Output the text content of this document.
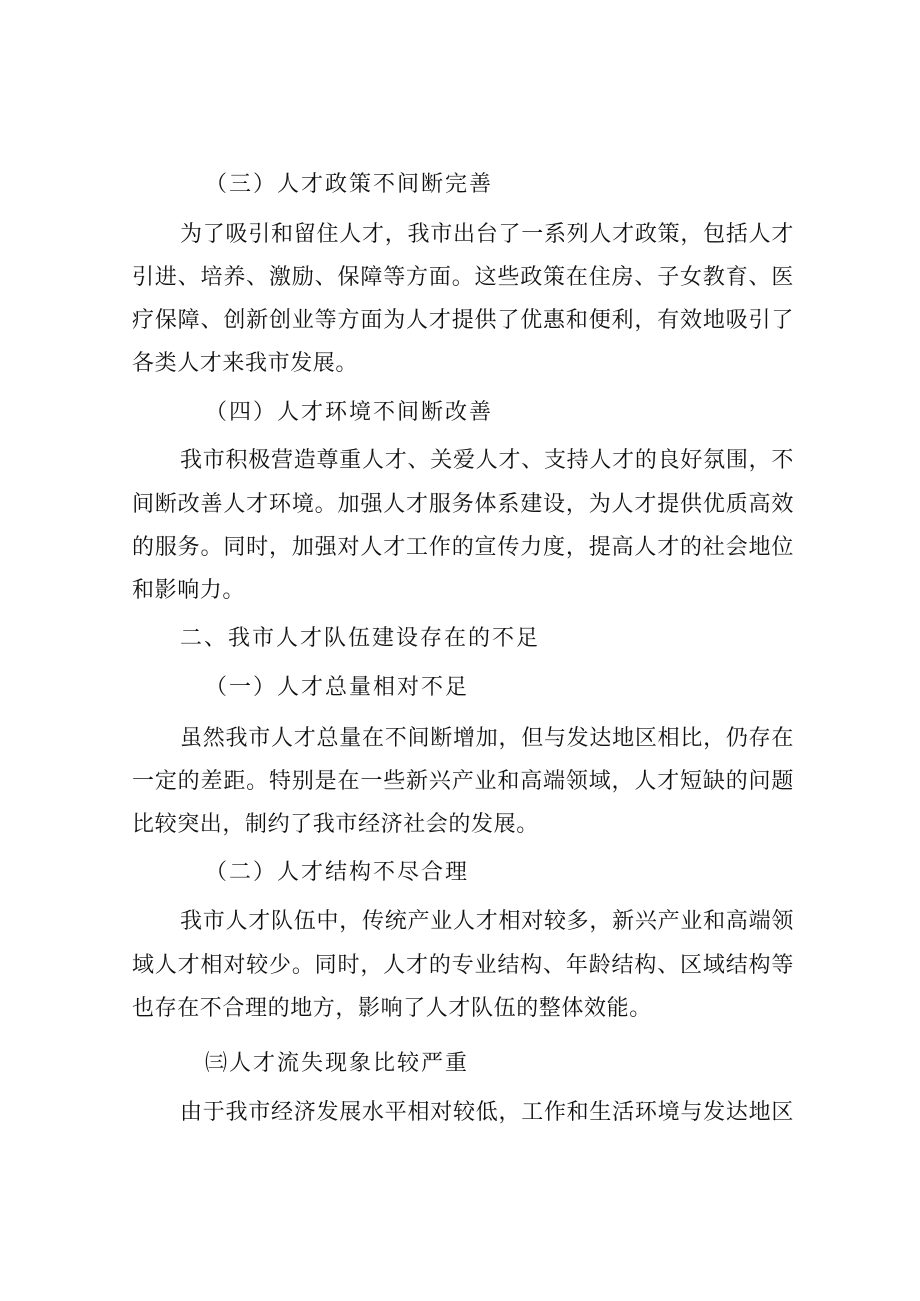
（三）人才政策不间断完善
为了吸引和留住人才，我市出台了一系列人才政策，包括人才
引进、培养、激励、保障等方面。这些政策在住房、子女教育、医
疗保障、创新创业等方面为人才提供了优惠和便利，有效地吸引了
各类人才来我市发展。
（四）人才环境不间断改善
我市积极营造尊重人才、关爱人才、支持人才的良好氛围，不
间断改善人才环境。加强人才服务体系建设，为人才提供优质高效
的服务。同时，加强对人才工作的宣传力度，提高人才的社会地位
和影响力。
二、我市人才队伍建设存在的不足
（一）人才总量相对不足
虽然我市人才总量在不间断增加，但与发达地区相比，仍存在
一定的差距。特别是在一些新兴产业和高端领域，人才短缺的问题
比较突出，制约了我市经济社会的发展。
（二）人才结构不尽合理
我市人才队伍中，传统产业人才相对较多，新兴产业和高端领
域人才相对较少。同时，人才的专业结构、年龄结构、区域结构等
也存在不合理的地方，影响了人才队伍的整体效能。
㈢人才流失现象比较严重
由于我市经济发展水平相对较低，工作和生活环境与发达地区
